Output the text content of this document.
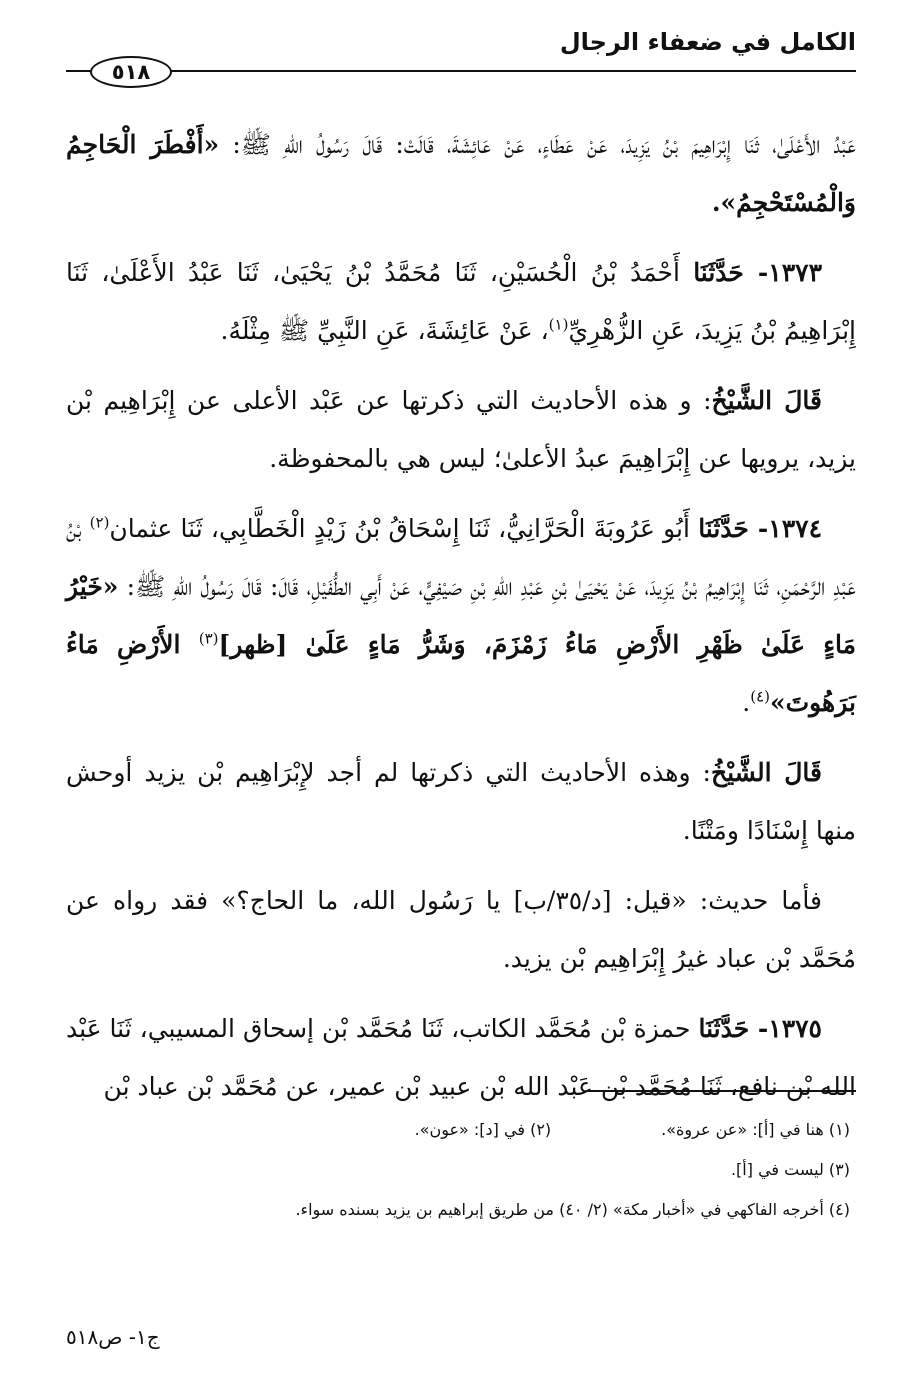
الكامل في ضعفاء الرجال
٥١٨

عَبْدُ الأَعْلَىٰ، ثَنَا إِبْرَاهِيمَ بْنُ يَزِيدَ، عَنْ عَطَاءٍ، عَنْ عَائِشَةَ، قَالَتْ: قَالَ رَسُولُ اللهِ ﷺ: «أَفْطَرَ الْحَاجِمُ وَالْمُسْتَحْجِمُ».

١٣٧٣- حَدَّثَنَا أَحْمَدُ بْنُ الْحُسَيْنِ، ثَنَا مُحَمَّدُ بْنُ يَحْيَىٰ، ثَنَا عَبْدُ الأَعْلَىٰ، ثَنَا إِبْرَاهِيمُ بْنُ يَزِيدَ، عَنِ الزُّهْرِيِّ$^{(١)}$، عَنْ عَائِشَةَ، عَنِ النَّبِيِّ ﷺ مِثْلَهُ.

قَالَ الشَّيْخُ: و هذه الأحاديث التي ذكرتها عن عَبْد الأعلى عن إِبْرَاهِيم بْن يزيد، يرويها عن إِبْرَاهِيمَ عبدُ الأعلىٰ؛ ليس هي بالمحفوظة.

١٣٧٤- حَدَّثَنَا أَبُو عَرُوبَةَ الْحَرَّانِيُّ، ثَنَا إِسْحَاقُ بْنُ زَيْدٍ الْخَطَّابِي، ثَنَا عثمان$^{(٢)}$ بْنُ عَبْدِ الرَّحْمَنِ، ثَنَا إِبْرَاهِيمُ بْنُ يَزِيدَ، عَنْ يَحْيَىٰ بْنِ عَبْدِ اللهِ بْنِ صَيْفِيٍّ، عَنْ أَبِي الطُّفَيْلِ، قَالَ: قَالَ رَسُولُ اللهِ ﷺ: «خَيْرُ مَاءٍ عَلَىٰ ظَهْرِ الأَرْضِ مَاءُ زَمْزَمَ، وَشَرُّ مَاءٍ عَلَىٰ [ظهر]$^{(٣)}$ الأَرْضِ مَاءُ بَرَهُوتَ»$^{(٤)}$.

قَالَ الشَّيْخُ: وهذه الأحاديث التي ذكرتها لم أجد لإِبْرَاهِيم بْن يزيد أوحش منها إِسْنَادًا ومَتْنًا.

فأما حديث: «قيل: [د/٣٥/ب] يا رَسُول الله، ما الحاج؟» فقد رواه عن مُحَمَّد بْن عباد غيرُ إِبْرَاهِيم بْن يزيد.

١٣٧٥- حَدَّثَنَا حمزة بْن مُحَمَّد الكاتب، ثَنَا مُحَمَّد بْن إسحاق المسيبي، ثَنَا عَبْد الله بْن نافع، ثَنَا مُحَمَّد بْن عَبْد الله بْن عبيد بْن عمير، عن مُحَمَّد بْن عباد بْن

(١) هنا في [أ]: «عن عروة».
(٢) في [د]: «عون».
(٣) ليست في [أ].
(٤) أخرجه الفاكهي في «أخبار مكة» (٢/ ٤٠) من طريق إبراهيم بن يزيد بسنده سواء.
ج١- ص٥١٨
